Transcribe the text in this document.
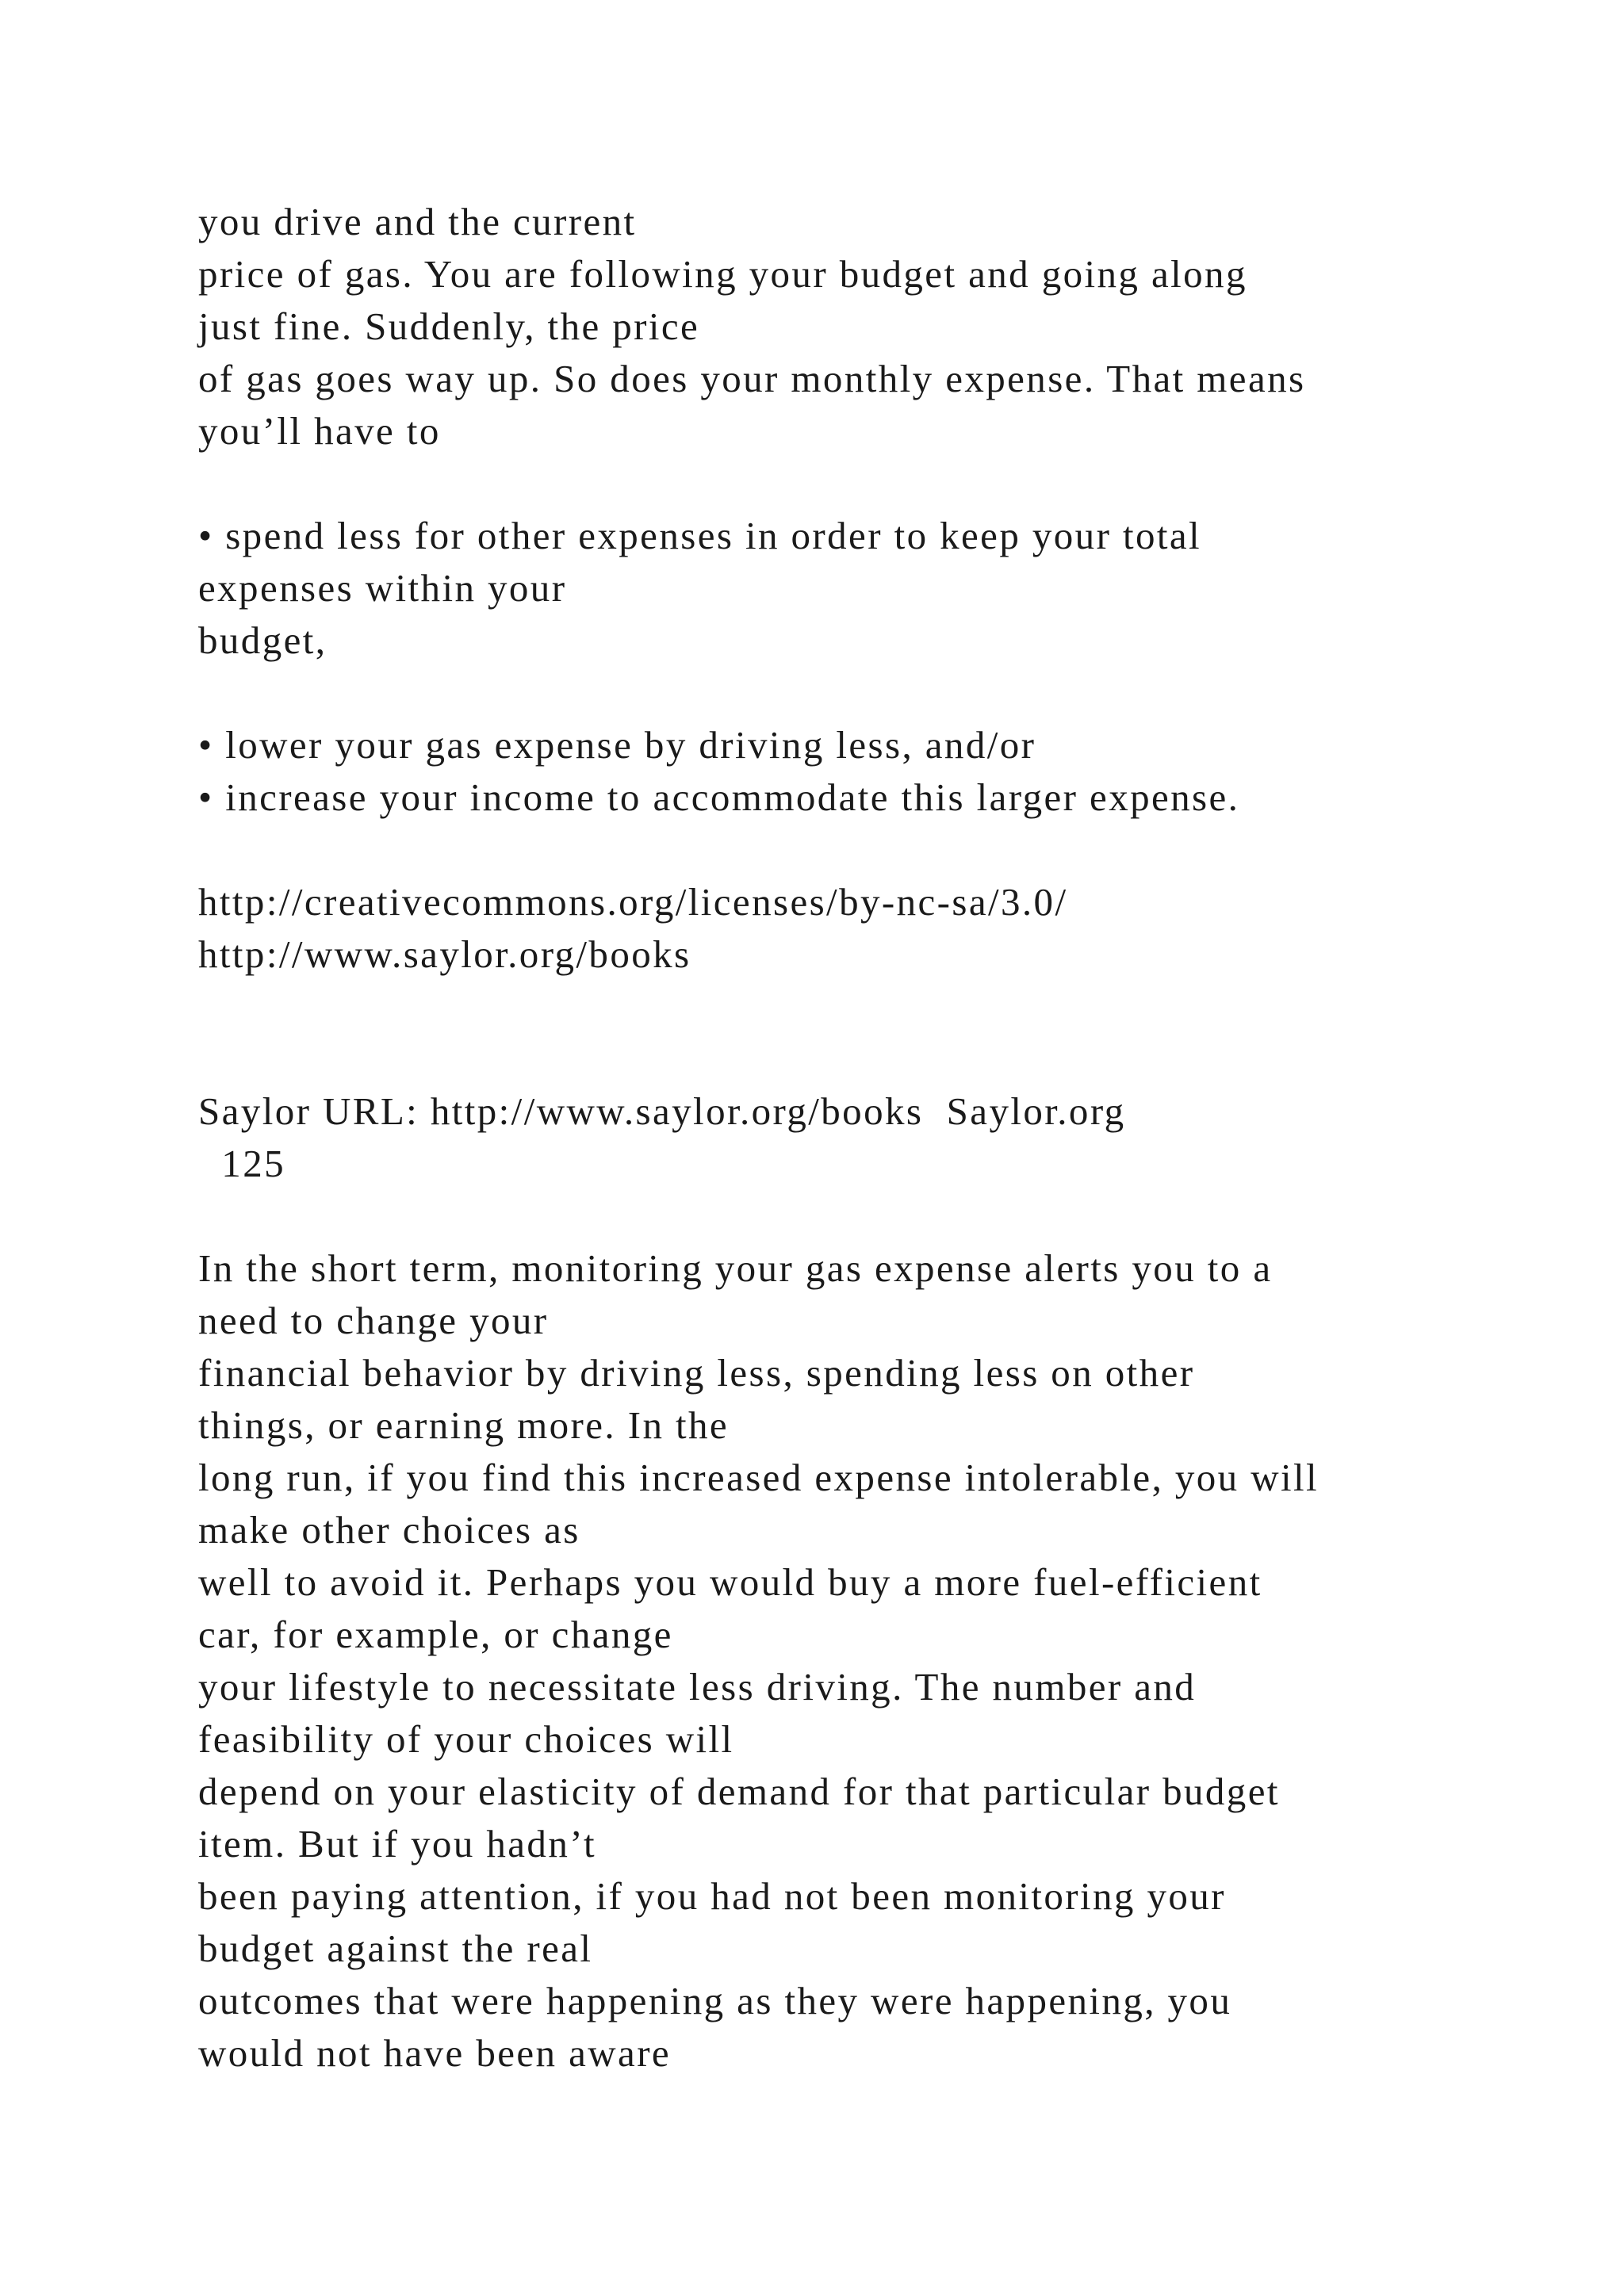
you drive and the current

price of gas. You are following your budget and going along

just fine. Suddenly, the price

of gas goes way up. So does your monthly expense. That means

you’ll have to

• spend less for other expenses in order to keep your total

expenses within your

budget,

• lower your gas expense by driving less, and/or

• increase your income to accommodate this larger expense.

http://creativecommons.org/licenses/by-nc-sa/3.0/

http://www.saylor.org/books

Saylor URL: http://www.saylor.org/books  Saylor.org

125

In the short term, monitoring your gas expense alerts you to a

need to change your

financial behavior by driving less, spending less on other

things, or earning more. In the

long run, if you find this increased expense intolerable, you will

make other choices as

well to avoid it. Perhaps you would buy a more fuel-efficient

car, for example, or change

your lifestyle to necessitate less driving. The number and

feasibility of your choices will

depend on your elasticity of demand for that particular budget

item. But if you hadn’t

been paying attention, if you had not been monitoring your

budget against the real

outcomes that were happening as they were happening, you

would not have been aware
